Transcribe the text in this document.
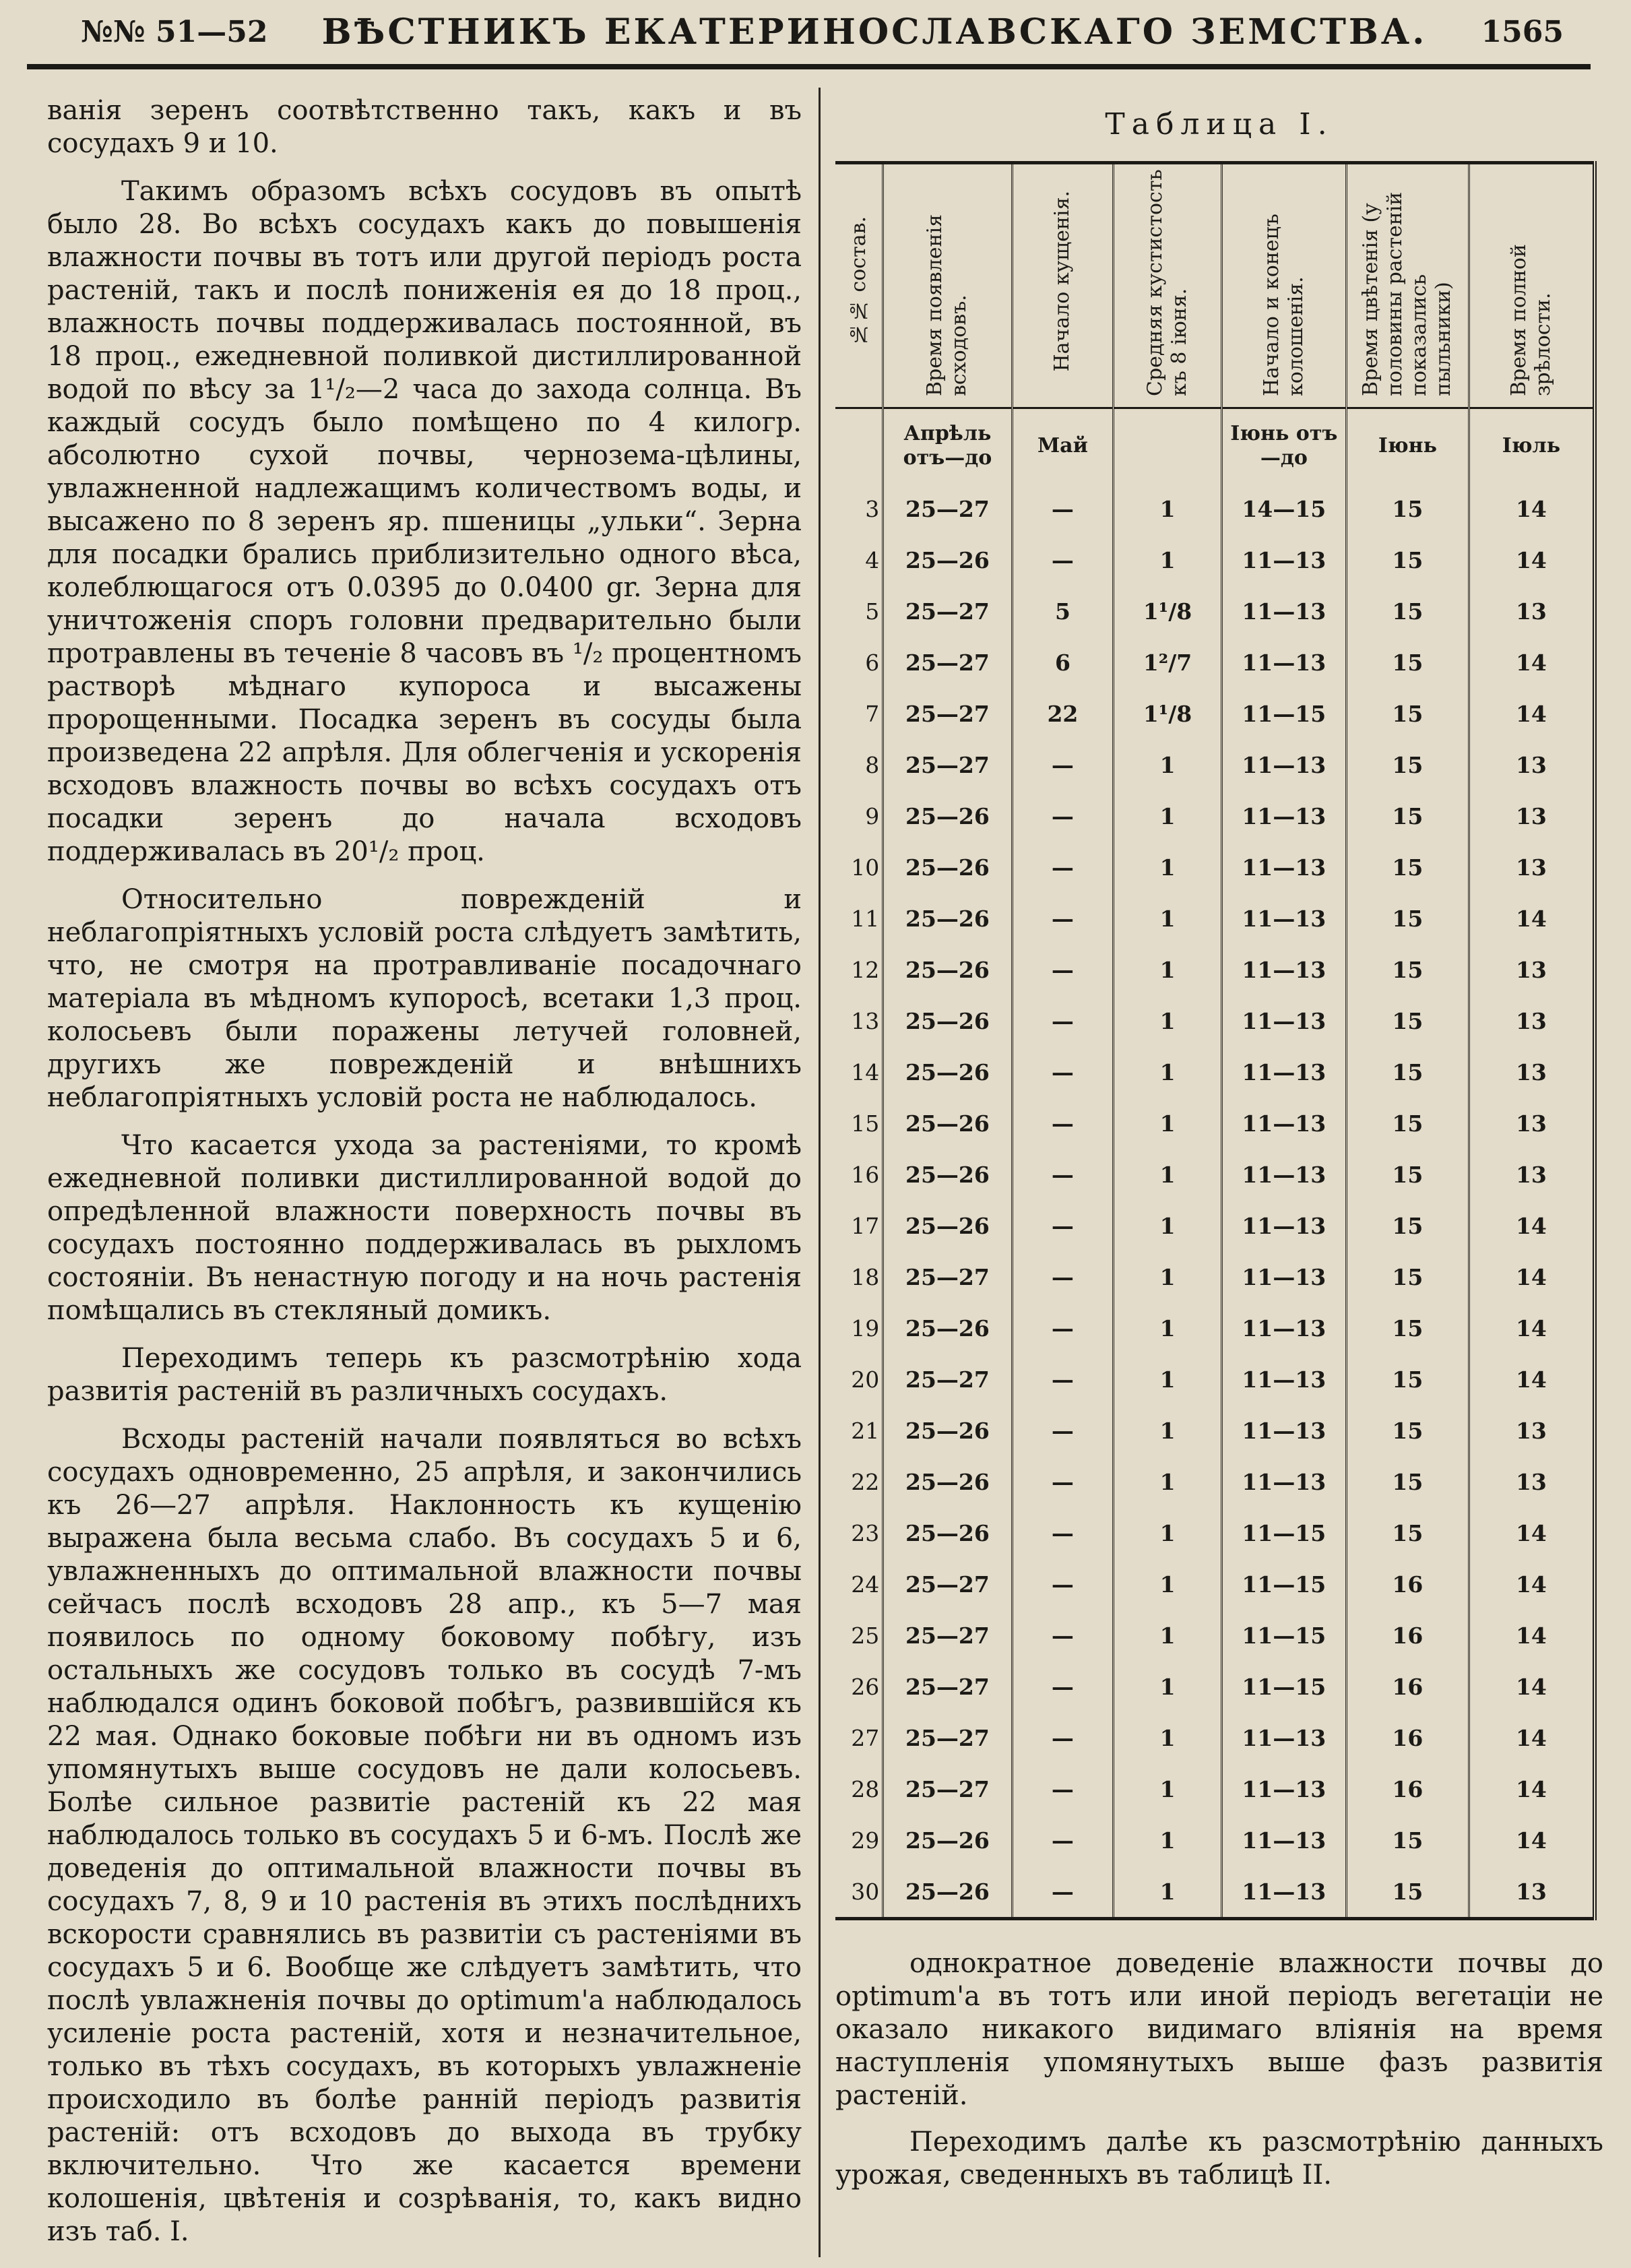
№№ 51—52 ВѢСТНИКЪ ЕКАТЕРИНОСЛАВСКАГО ЗЕМСТВА. 1565

ванія зеренъ соотвѣтственно такъ, какъ и въ сосудахъ 9 и 10.

Такимъ образомъ всѣхъ сосудовъ въ опытѣ было 28. Во всѣхъ сосудахъ какъ до повышенія влажности почвы въ тотъ или другой періодъ роста растеній, такъ и послѣ пониженія ея до 18 проц., влажность почвы поддерживалась постоянной, въ 18 проц., ежедневной поливкой дистиллированной водой по вѣсу за 1¹/₂—2 часа до захода солнца. Въ каждый сосудъ было помѣщено по 4 килогр. абсолютно сухой почвы, чернозема-цѣлины, увлажненной надлежащимъ количествомъ воды, и высажено по 8 зеренъ яр. пшеницы „ульки“. Зерна для посадки брались приблизительно одного вѣса, колеблющагося отъ 0.0395 до 0.0400 gr. Зерна для уничтоженія споръ головни предварительно были протравлены въ теченіе 8 часовъ въ ¹/₂ процентномъ растворѣ мѣднаго купороса и высажены пророщенными. Посадка зеренъ въ сосуды была произведена 22 апрѣля. Для облегченія и ускоренія всходовъ влажность почвы во всѣхъ сосудахъ отъ посадки зеренъ до начала всходовъ поддерживалась въ 20¹/₂ проц.

Относительно поврежденій и неблагопріятныхъ условій роста слѣдуетъ замѣтить, что, не смотря на протравливаніе посадочнаго матеріала въ мѣдномъ купоросѣ, всетаки 1,3 проц. колосьевъ были поражены летучей головней, другихъ же поврежденій и внѣшнихъ неблагопріятныхъ условій роста не наблюдалось.

Что касается ухода за растеніями, то кромѣ ежедневной поливки дистиллированной водой до опредѣленной влажности поверхность почвы въ сосудахъ постоянно поддерживалась въ рыхломъ состояніи. Въ ненастную погоду и на ночь растенія помѣщались въ стекляный домикъ.

Переходимъ теперь къ разсмотрѣнію хода развитія растеній въ различныхъ сосудахъ.

Всходы растеній начали появляться во всѣхъ сосудахъ одновременно, 25 апрѣля, и закончились къ 26—27 апрѣля. Наклонность къ кущенію выражена была весьма слабо. Въ сосудахъ 5 и 6, увлажненныхъ до оптимальной влажности почвы сейчасъ послѣ всходовъ 28 апр., къ 5—7 мая появилось по одному боковому побѣгу, изъ остальныхъ же сосудовъ только въ сосудѣ 7-мъ наблюдался одинъ боковой побѣгъ, развившійся къ 22 мая. Однако боковые побѣги ни въ одномъ изъ упомянутыхъ выше сосудовъ не дали колосьевъ. Болѣе сильное развитіе растеній къ 22 мая наблюдалось только въ сосудахъ 5 и 6-мъ. Послѣ же доведенія до оптимальной влажности почвы въ сосудахъ 7, 8, 9 и 10 растенія въ этихъ послѣднихъ вскорости сравнялись въ развитіи съ растеніями въ сосудахъ 5 и 6. Вообще же слѣдуетъ замѣтить, что послѣ увлажненія почвы до optimum'а наблюдалось усиленіе роста растеній, хотя и незначительное, только въ тѣхъ сосудахъ, въ которыхъ увлажненіе происходило въ болѣе ранній періодъ развитія растеній: отъ всходовъ до выхода въ трубку включительно. Что же касается времени колошенія, цвѣтенія и созрѣванія, то, какъ видно изъ таб. I.

Таблица I.
№№ состав.	Время появленія всходовъ.	Начало кущенія.	Средняя кустистость къ 8 іюня.	Начало и конецъ колошенія.	Время цвѣтенія (у половины растеній показались пыльники)	Время полной зрѣлости.
	Апрѣль отъ—до	Май		Іюнь отъ—до	Іюнь	Іюль
3	25—27	—	1	14—15	15	14
4	25—26	—	1	11—13	15	14
5	25—27	5	1¹/8	11—13	15	13
6	25—27	6	1²/7	11—13	15	14
7	25—27	22	1¹/8	11—15	15	14
8	25—27	—	1	11—13	15	13
9	25—26	—	1	11—13	15	13
10	25—26	—	1	11—13	15	13
11	25—26	—	1	11—13	15	14
12	25—26	—	1	11—13	15	13
13	25—26	—	1	11—13	15	13
14	25—26	—	1	11—13	15	13
15	25—26	—	1	11—13	15	13
16	25—26	—	1	11—13	15	13
17	25—26	—	1	11—13	15	14
18	25—27	—	1	11—13	15	14
19	25—26	—	1	11—13	15	14
20	25—27	—	1	11—13	15	14
21	25—26	—	1	11—13	15	13
22	25—26	—	1	11—13	15	13
23	25—26	—	1	11—15	15	14
24	25—27	—	1	11—15	16	14
25	25—27	—	1	11—15	16	14
26	25—27	—	1	11—15	16	14
27	25—27	—	1	11—13	16	14
28	25—27	—	1	11—13	16	14
29	25—26	—	1	11—13	15	14
30	25—26	—	1	11—13	15	13

однократное доведеніе влажности почвы до optimum'а въ тотъ или иной періодъ вегетаціи не оказало никакого видимаго вліянія на время наступленія упомянутыхъ выше фазъ развитія растеній.

Переходимъ далѣе къ разсмотрѣнію данныхъ урожая, сведенныхъ въ таблицѣ II.
